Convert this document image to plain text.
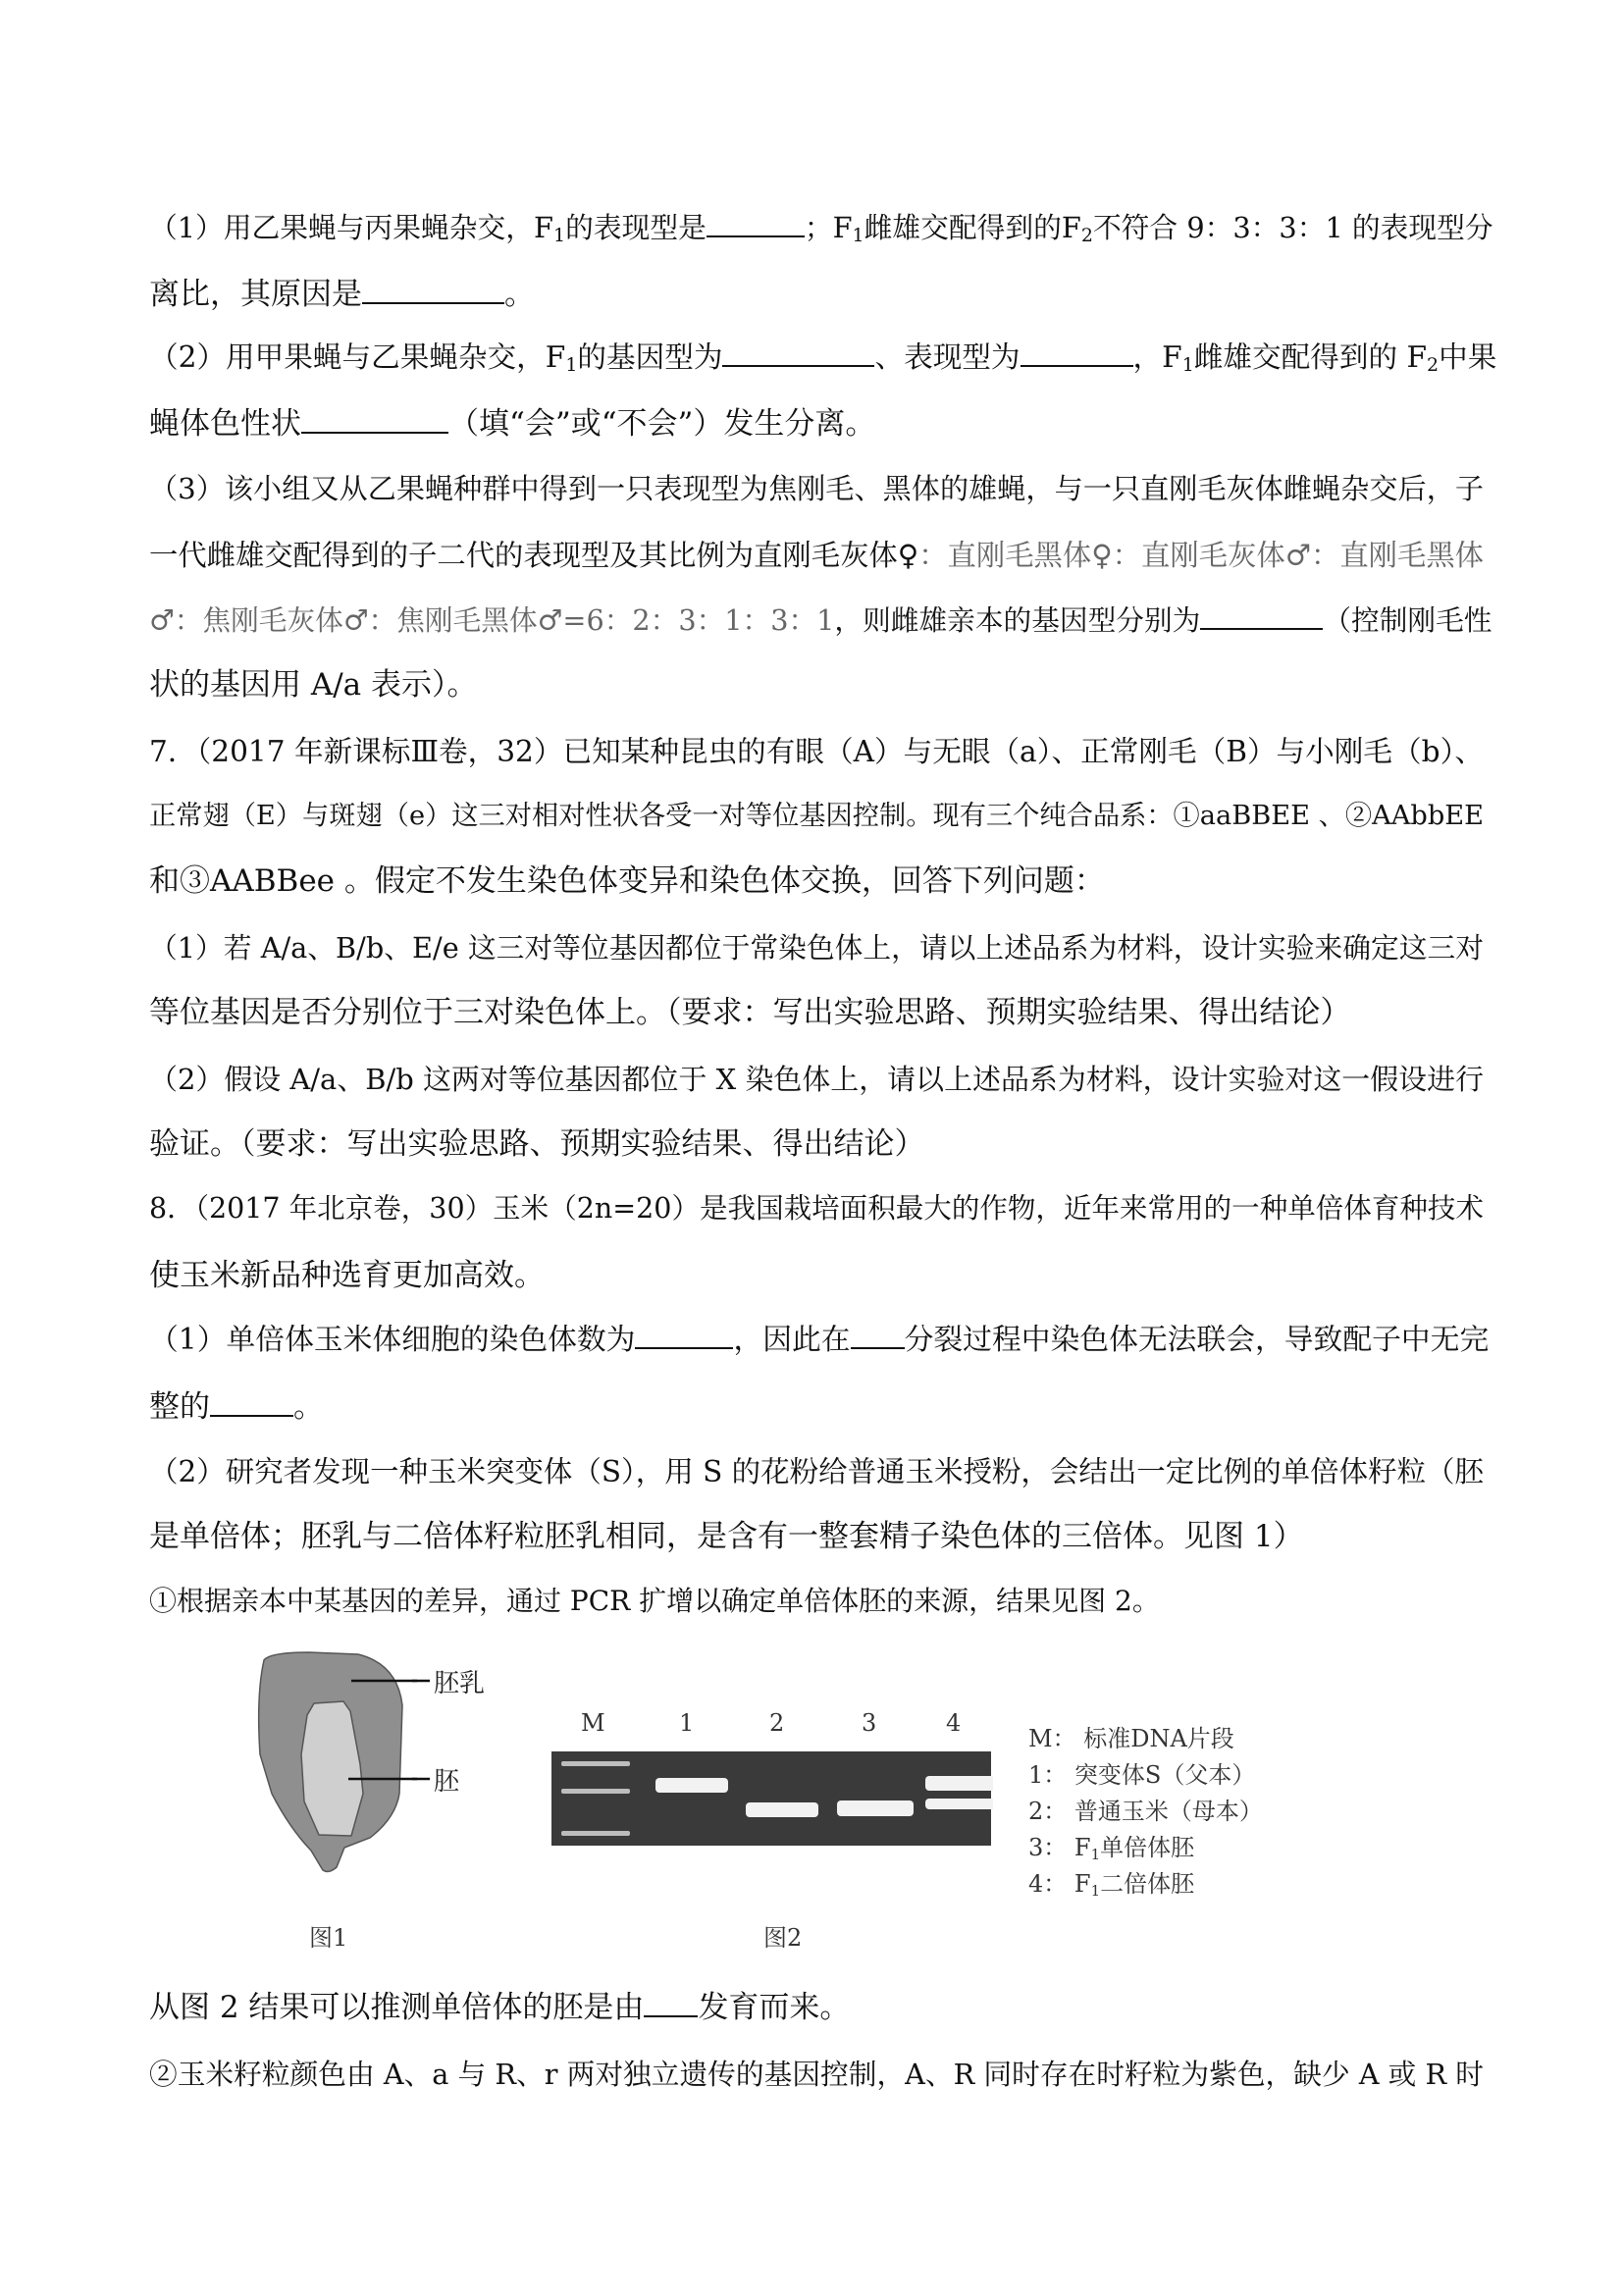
（1）用乙果蝇与丙果蝇杂交，$F_1$的表现型是	；$F_1$雌雄交配得到的$F_2$不符合 9：3：3：1 的表现型分
离比，其原因是	。
（2）用甲果蝇与乙果蝇杂交，$F_1$的基因型为	、表现型为	，$F_1$雌雄交配得到的 $F_2$中果
蝇体色性状	（填“会”或“不会”）发生分离。
（3）该小组又从乙果蝇种群中得到一只表现型为焦刚毛、黑体的雄蝇，与一只直刚毛灰体雌蝇杂交后，子
一代雌雄交配得到的子二代的表现型及其比例为直刚毛灰体♀：直刚毛黑体♀：直刚毛灰体♂：直刚毛黑体
♂：焦刚毛灰体♂：焦刚毛黑体♂=6：2：3：1：3：1，则雌雄亲本的基因型分别为	（控制刚毛性
状的基因用 A/a 表示）。
7．（2017 年新课标Ⅲ卷，32）已知某种昆虫的有眼（A）与无眼（a）、正常刚毛（B）与小刚毛（b）、
正常翅（E）与斑翅（e）这三对相对性状各受一对等位基因控制。现有三个纯合品系：①aaBBEE 、②AAbbEE
和③AABBee 。假定不发生染色体变异和染色体交换，回答下列问题：
（1）若 A/a、B/b、E/e 这三对等位基因都位于常染色体上，请以上述品系为材料，设计实验来确定这三对
等位基因是否分别位于三对染色体上。（要求：写出实验思路、预期实验结果、得出结论）
（2）假设 A/a、B/b 这两对等位基因都位于 X 染色体上，请以上述品系为材料，设计实验对这一假设进行
验证。（要求：写出实验思路、预期实验结果、得出结论）
8．（2017 年北京卷，30）玉米（2n=20）是我国栽培面积最大的作物，近年来常用的一种单倍体育种技术
使玉米新品种选育更加高效。
（1）单倍体玉米体细胞的染色体数为	，因此在 分裂过程中染色体无法联会，导致配子中无完
整的	。
（2）研究者发现一种玉米突变体（S），用 S 的花粉给普通玉米授粉，会结出一定比例的单倍体籽粒（胚
是单倍体；胚乳与二倍体籽粒胚乳相同，是含有一整套精子染色体的三倍体。见图 1）
①根据亲本中某基因的差异，通过 PCR 扩增以确定单倍体胚的来源，结果见图 2。
胚乳
胚
图1
M	1	2	3	4
图2
M： 标准DNA片段
1： 突变体S（父本）
2： 普通玉米（母本）
3： $F_1$单倍体胚
4： $F_1$二倍体胚
从图 2 结果可以推测单倍体的胚是由 发育而来。
②玉米籽粒颜色由 A、a 与 R、r 两对独立遗传的基因控制，A、R 同时存在时籽粒为紫色，缺少 A 或 R 时
